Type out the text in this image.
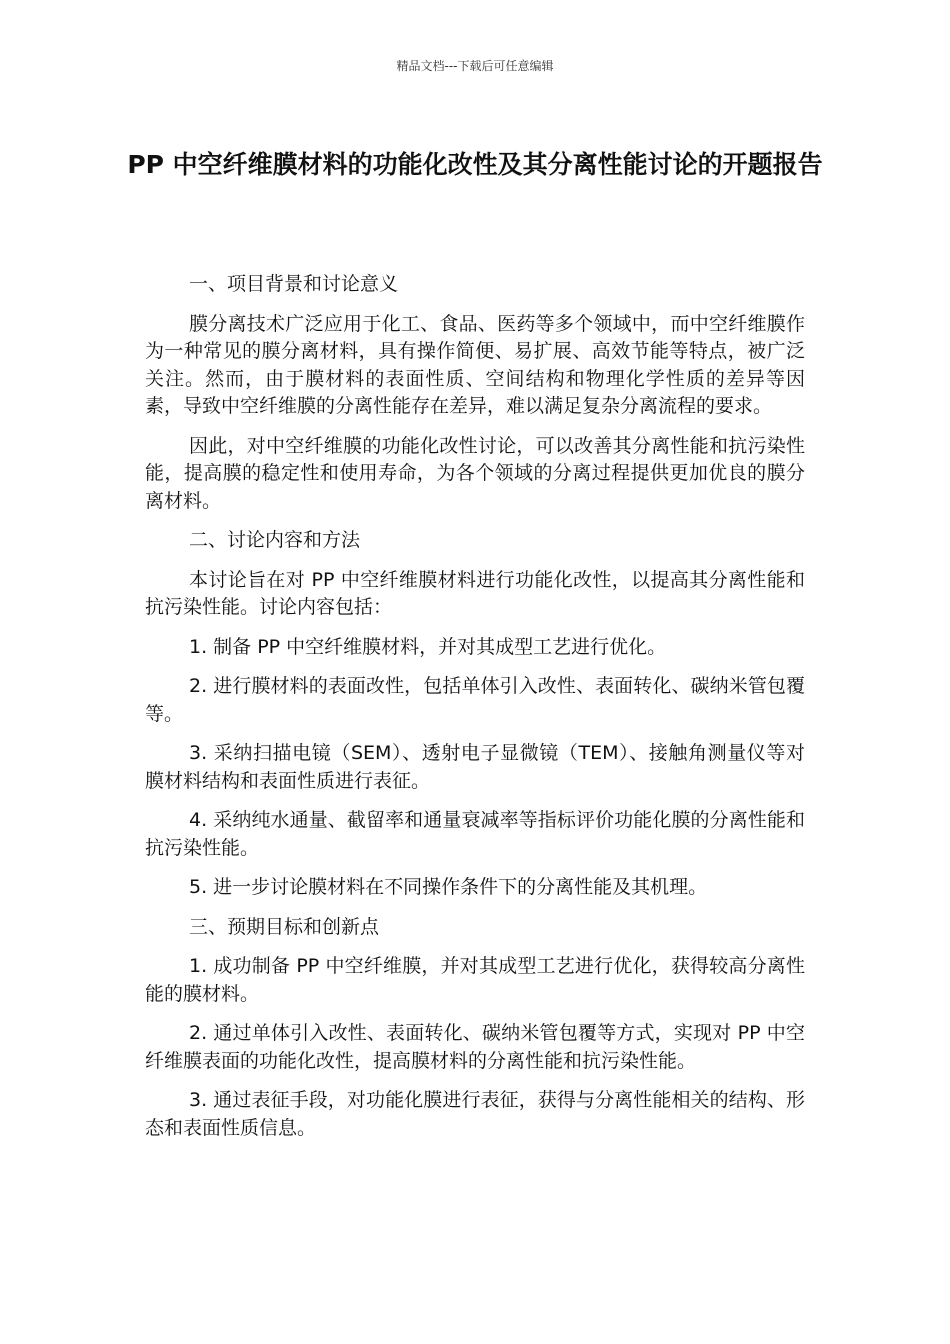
精品文档---下载后可任意编辑
PP 中空纤维膜材料的功能化改性及其分离性能讨论的开题报告

一、项目背景和讨论意义

膜分离技术广泛应用于化工、食品、医药等多个领域中，而中空纤维膜作为一种常见的膜分离材料，具有操作简便、易扩展、高效节能等特点，被广泛关注。然而，由于膜材料的表面性质、空间结构和物理化学性质的差异等因素，导致中空纤维膜的分离性能存在差异，难以满足复杂分离流程的要求。

因此，对中空纤维膜的功能化改性讨论，可以改善其分离性能和抗污染性能，提高膜的稳定性和使用寿命，为各个领域的分离过程提供更加优良的膜分离材料。

二、讨论内容和方法

本讨论旨在对 PP 中空纤维膜材料进行功能化改性，以提高其分离性能和抗污染性能。讨论内容包括：

1. 制备 PP 中空纤维膜材料，并对其成型工艺进行优化。

2. 进行膜材料的表面改性，包括单体引入改性、表面转化、碳纳米管包覆等。

3. 采纳扫描电镜（SEM）、透射电子显微镜（TEM）、接触角测量仪等对膜材料结构和表面性质进行表征。

4. 采纳纯水通量、截留率和通量衰减率等指标评价功能化膜的分离性能和抗污染性能。

5. 进一步讨论膜材料在不同操作条件下的分离性能及其机理。

三、预期目标和创新点

1. 成功制备 PP 中空纤维膜，并对其成型工艺进行优化，获得较高分离性能的膜材料。

2. 通过单体引入改性、表面转化、碳纳米管包覆等方式，实现对 PP 中空纤维膜表面的功能化改性，提高膜材料的分离性能和抗污染性能。

3. 通过表征手段，对功能化膜进行表征，获得与分离性能相关的结构、形态和表面性质信息。
